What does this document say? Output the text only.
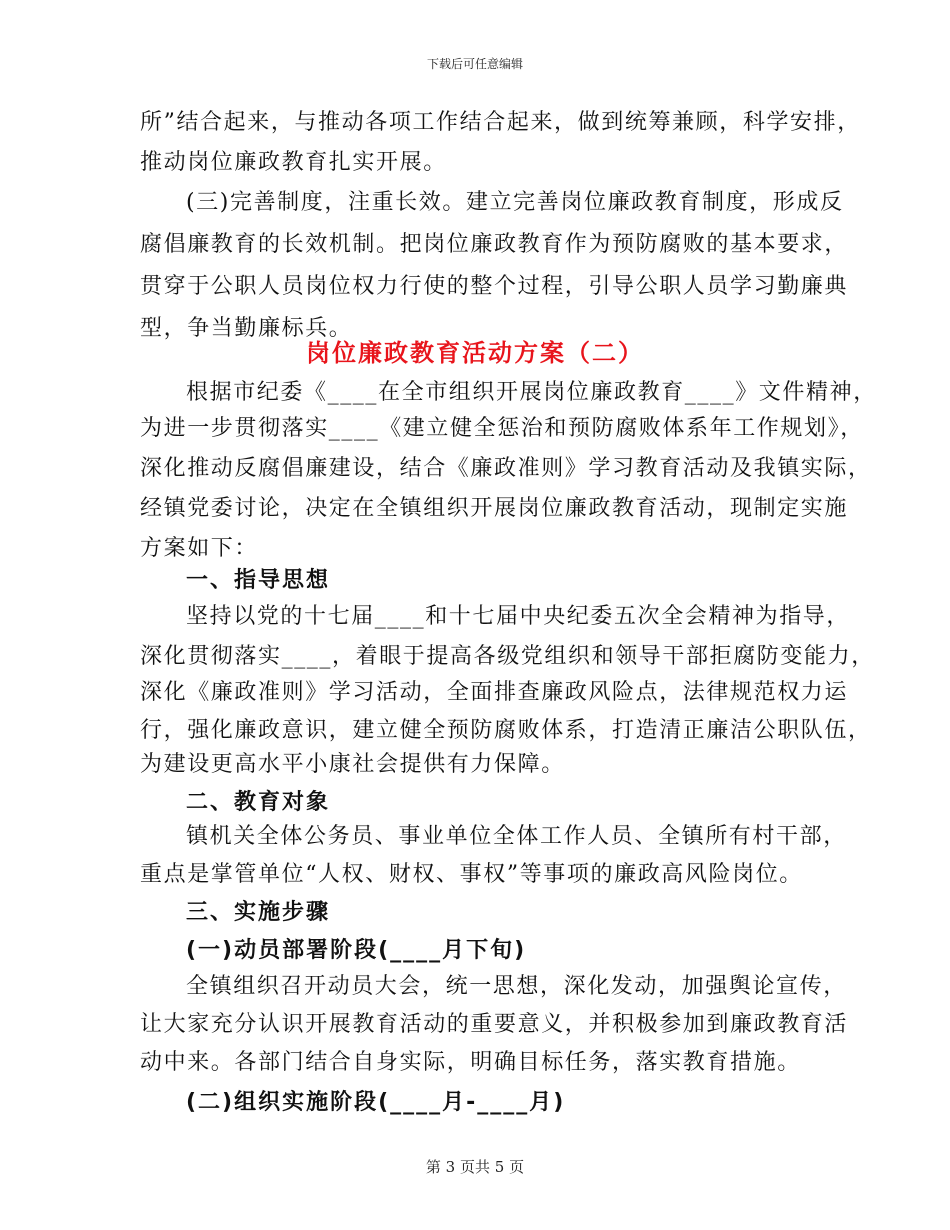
下载后可任意编辑
所”结合起来，与推动各项工作结合起来，做到统筹兼顾，科学安排，
推动岗位廉政教育扎实开展。
(三)完善制度，注重长效。建立完善岗位廉政教育制度，形成反
腐倡廉教育的长效机制。把岗位廉政教育作为预防腐败的基本要求，
贯穿于公职人员岗位权力行使的整个过程，引导公职人员学习勤廉典
型，争当勤廉标兵。
岗位廉政教育活动方案（二）
根据市纪委《____在全市组织开展岗位廉政教育____》文件精神，
为进一步贯彻落实____《建立健全惩治和预防腐败体系年工作规划》，
深化推动反腐倡廉建设，结合《廉政准则》学习教育活动及我镇实际，
经镇党委讨论，决定在全镇组织开展岗位廉政教育活动，现制定实施
方案如下：
一、指导思想
坚持以党的十七届____和十七届中央纪委五次全会精神为指导，
深化贯彻落实____，着眼于提高各级党组织和领导干部拒腐防变能力，
深化《廉政准则》学习活动，全面排查廉政风险点，法律规范权力运
行，强化廉政意识，建立健全预防腐败体系，打造清正廉洁公职队伍，
为建设更高水平小康社会提供有力保障。
二、教育对象
镇机关全体公务员、事业单位全体工作人员、全镇所有村干部，
重点是掌管单位“人权、财权、事权”等事项的廉政高风险岗位。
三、实施步骤
(一)动员部署阶段(____月下旬)
全镇组织召开动员大会，统一思想，深化发动，加强舆论宣传，
让大家充分认识开展教育活动的重要意义，并积极参加到廉政教育活
动中来。各部门结合自身实际，明确目标任务，落实教育措施。
(二)组织实施阶段(____月-____月)
第 3 页共 5 页
